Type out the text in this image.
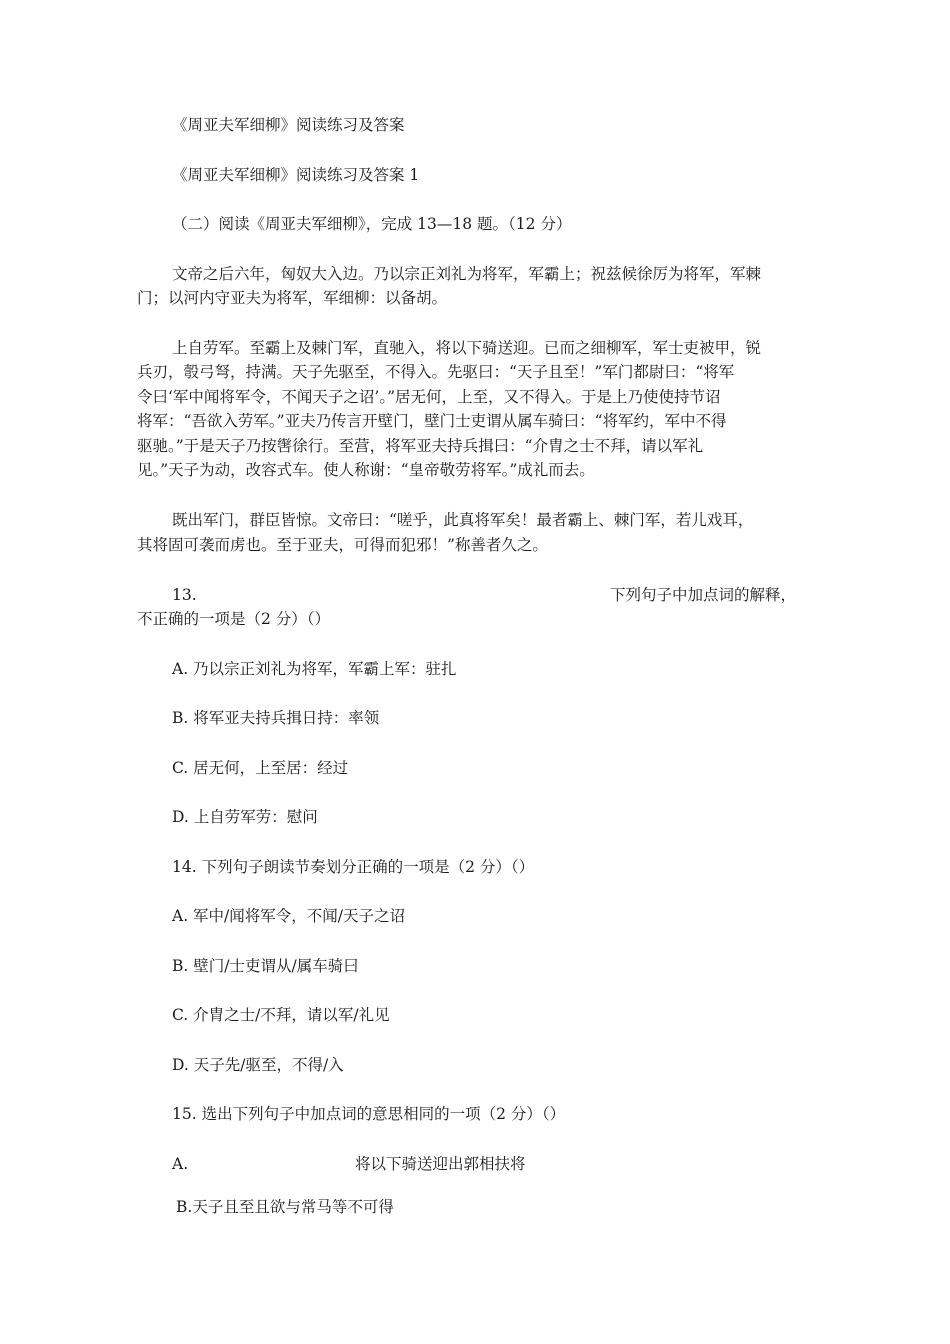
《周亚夫军细柳》阅读练习及答案
《周亚夫军细柳》阅读练习及答案 1
（二）阅读《周亚夫军细柳》，完成 13—18 题。（12 分）
文帝之后六年，匈奴大入边。乃以宗正刘礼为将军，军霸上；祝兹候徐厉为将军，军棘
门；以河内守亚夫为将军，军细柳：以备胡。
上自劳军。至霸上及棘门军，直驰入，将以下骑送迎。已而之细柳军，军士吏被甲，锐
兵刃，彀弓弩，持满。天子先驱至，不得入。先驱曰：“天子且至！”军门都尉曰：“将军
令曰‘军中闻将军令，不闻天子之诏’。”居无何，上至，又不得入。于是上乃使使持节诏
将军：“吾欲入劳军。”亚夫乃传言开壁门，壁门士吏谓从属车骑曰：“将军约，军中不得
驱驰。”于是天子乃按辔徐行。至营，将军亚夫持兵揖曰：“介胄之士不拜，请以军礼
见。”天子为动，改容式车。使人称谢：“皇帝敬劳将军。”成礼而去。
既出军门，群臣皆惊。文帝曰：“嗟乎，此真将军矣！最者霸上、棘门军，若儿戏耳，
其将固可袭而虏也。至于亚夫，可得而犯邪！”称善者久之。
13.	下列句子中加点词的解释，
不正确的一项是（2 分）（）
A. 乃以宗正刘礼为将军，军霸上军：驻扎
B. 将军亚夫持兵揖日持：率领
C. 居无何，上至居：经过
D. 上自劳军劳：慰问
14. 下列句子朗读节奏划分正确的一项是（2 分）（）
A. 军中/闻将军令，不闻/天子之诏
B. 壁门/士吏谓从/属车骑曰
C. 介胄之士/不拜，请以军/礼见
D. 天子先/驱至，不得/入
15. 选出下列句子中加点词的意思相同的一项（2 分）（）
A.	将以下骑送迎出郭相扶将
B.天子且至且欲与常马等不可得
